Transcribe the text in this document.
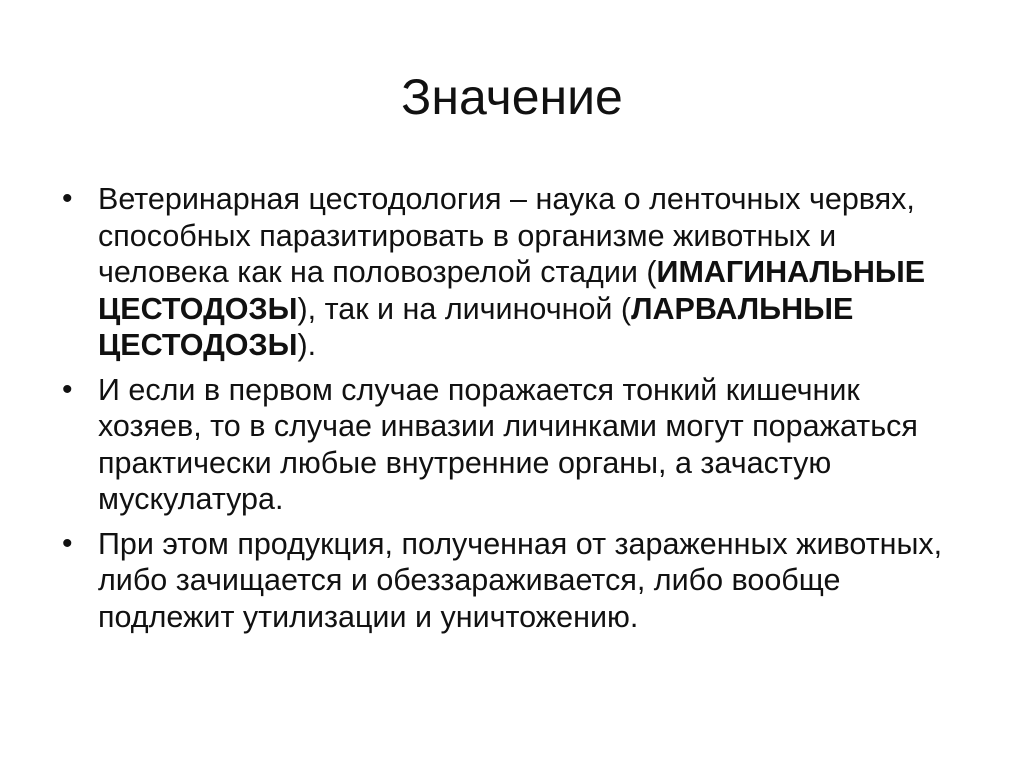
Значение
• Ветеринарная цестодология – наука о ленточных червях, способных паразитировать в организме животных и человека как на половозрелой стадии (ИМАГИНАЛЬНЫЕ ЦЕСТОДОЗЫ), так и на личиночной (ЛАРВАЛЬНЫЕ ЦЕСТОДОЗЫ).
• И если в первом случае поражается тонкий кишечник хозяев, то в случае инвазии личинками могут поражаться практически любые внутренние органы, а зачастую мускулатура.
• При этом продукция, полученная от зараженных животных, либо зачищается и обеззараживается, либо вообще подлежит утилизации и уничтожению.
